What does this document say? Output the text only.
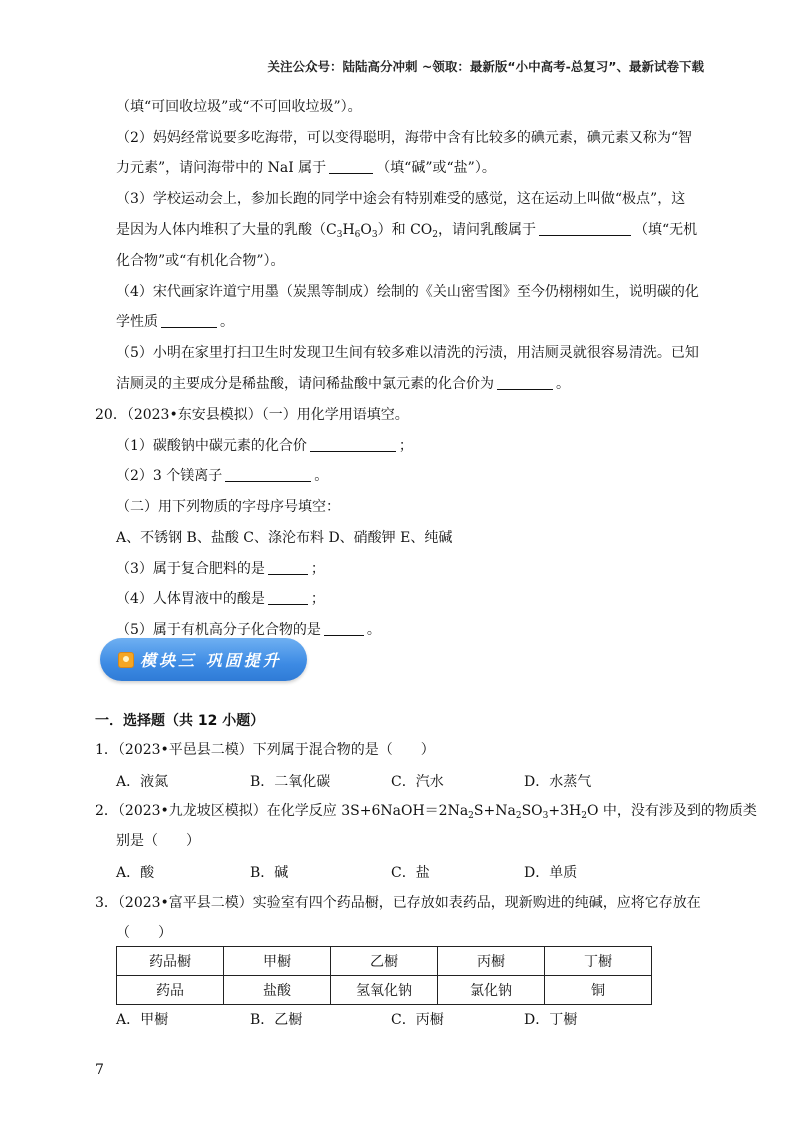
关注公众号：陆陆高分冲刺 ~领取：最新版“小中高考-总复习”、最新试卷下载
（填“可回收垃圾”或“不可回收垃圾”）。
（2）妈妈经常说要多吃海带，可以变得聪明，海带中含有比较多的碘元素，碘元素又称为“智
力元素”，请问海带中的 NaI 属于	（填“碱”或“盐”）。
（3）学校运动会上，参加长跑的同学中途会有特别难受的感觉，这在运动上叫做“极点”，这
是因为人体内堆积了大量的乳酸$(C_3H_6O_3)$和 $CO_2$，请问乳酸属于	（填“无机
化合物”或“有机化合物”）。
（4）宋代画家许道宁用墨（炭黑等制成）绘制的《关山密雪图》至今仍栩栩如生，说明碳的化
学性质	。
（5）小明在家里打扫卫生时发现卫生间有较多难以清洗的污渍，用洁厕灵就很容易清洗。已知
洁厕灵的主要成分是稀盐酸，请问稀盐酸中氯元素的化合价为	。
20．（2023•东安县模拟）（一）用化学用语填空。
（1）碳酸钠中碳元素的化合价	；
（2）3 个镁离子	。
（二）用下列物质的字母序号填空：
A、不锈钢 B、盐酸 C、涤沦布料 D、硝酸钾 E、纯碱
（3）属于复合肥料的是	；
（4）人体胃液中的酸是	；
（5）属于有机高分子化合物的是	。
模块三 巩固提升
一．选择题（共 12 小题）
1．（2023•平邑县二模）下列属于混合物的是（　　）
A．液氮	B．二氧化碳	C．汽水	D．水蒸气
2．（2023•九龙坡区模拟）在化学反应 $3S+6NaOH=2Na_2S+Na_2SO_3+3H_2O$ 中，没有涉及到的物质类
别是（　　）
A．酸	B．碱	C．盐	D．单质
3．（2023•富平县二模）实验室有四个药品橱，已存放如表药品，现新购进的纯碱，应将它存放在
（　　）
药品橱	甲橱	乙橱	丙橱	丁橱
药品	盐酸	氢氧化钠	氯化钠	铜
A．甲橱	B．乙橱	C．丙橱	D．丁橱
7
